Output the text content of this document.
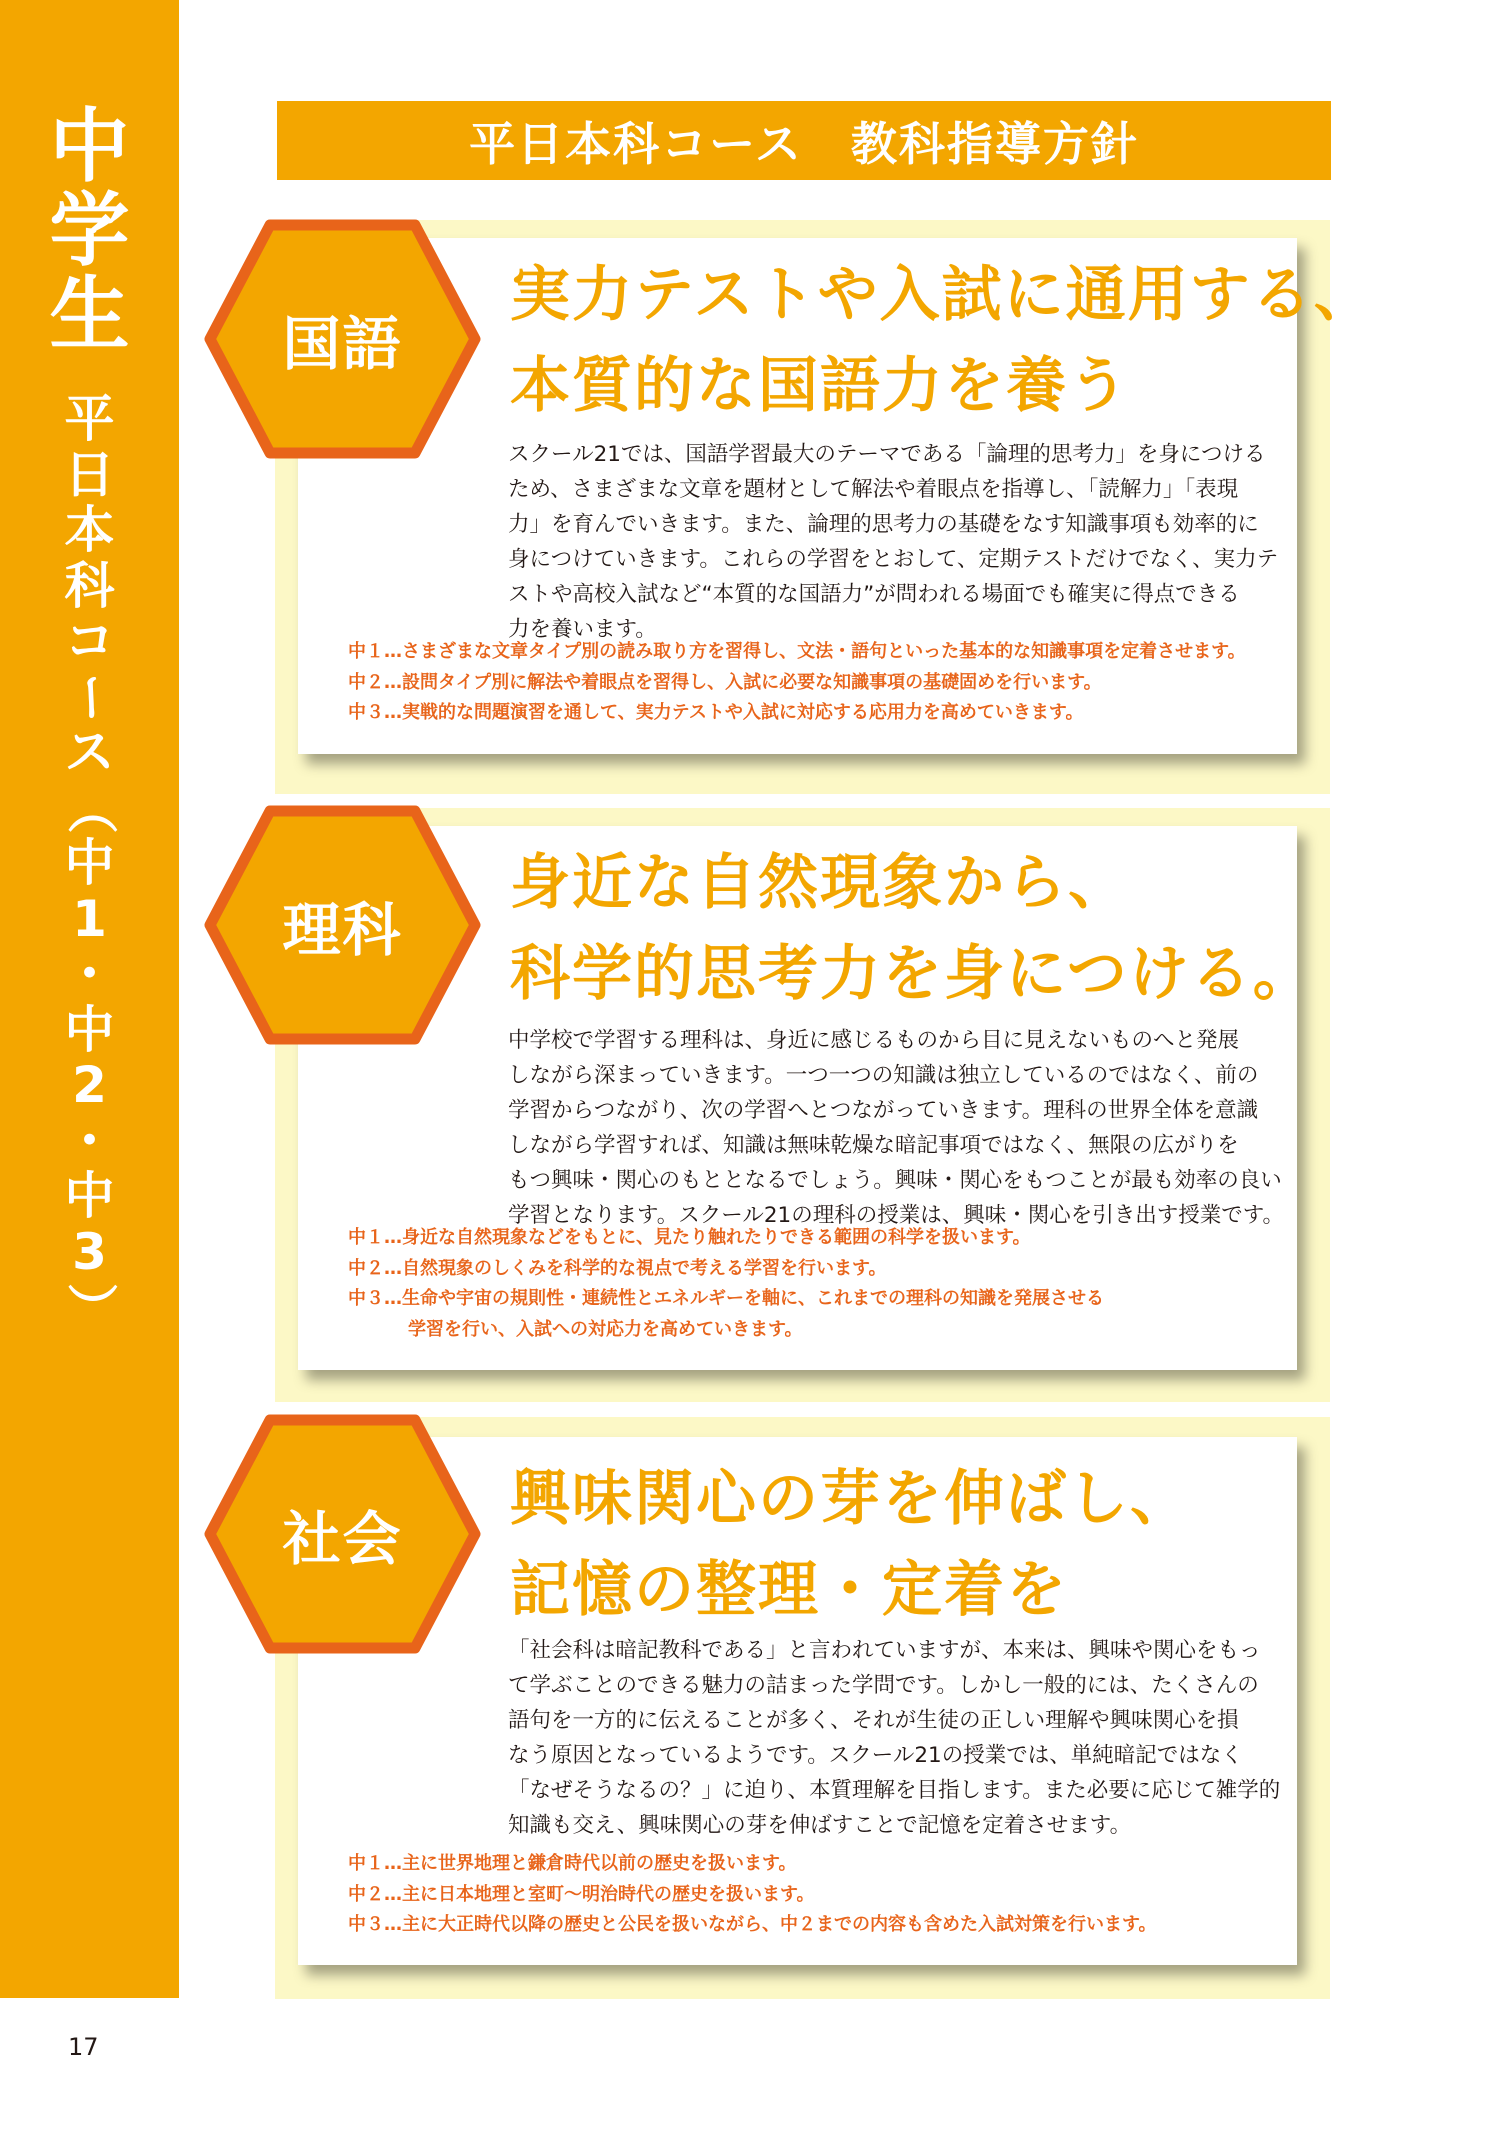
中
学
生
平
日
本
科
コ
ー
ス
（
中
1
・
中
2
・
中
3
）
平日本科コース　教科指導方針
国語
実力テストや入試に通用する、
本質的な国語力を養う
スクール21では、国語学習最大のテーマである「論理的思考力」を身につける
ため、さまざまな文章を題材として解法や着眼点を指導し、「読解力」「表現
力」を育んでいきます。また、論理的思考力の基礎をなす知識事項も効率的に
身につけていきます。これらの学習をとおして、定期テストだけでなく、実力テ
ストや高校入試など“本質的な国語力”が問われる場面でも確実に得点できる
力を養います。
中１…さまざまな文章タイプ別の読み取り方を習得し、文法・語句といった基本的な知識事項を定着させます。
中２…設問タイプ別に解法や着眼点を習得し、入試に必要な知識事項の基礎固めを行います。
中３…実戦的な問題演習を通して、実力テストや入試に対応する応用力を高めていきます。
理科
身近な自然現象から、
科学的思考力を身につける。
中学校で学習する理科は、身近に感じるものから目に見えないものへと発展
しながら深まっていきます。一つ一つの知識は独立しているのではなく、前の
学習からつながり、次の学習へとつながっていきます。理科の世界全体を意識
しながら学習すれば、知識は無味乾燥な暗記事項ではなく、無限の広がりを
もつ興味・関心のもととなるでしょう。興味・関心をもつことが最も効率の良い
学習となります。スクール21の理科の授業は、興味・関心を引き出す授業です。
中１…身近な自然現象などをもとに、見たり触れたりできる範囲の科学を扱います。
中２…自然現象のしくみを科学的な視点で考える学習を行います。
中３…生命や宇宙の規則性・連続性とエネルギーを軸に、これまでの理科の知識を発展させる
学習を行い、入試への対応力を高めていきます。
社会
興味関心の芽を伸ばし、
記憶の整理・定着を
「社会科は暗記教科である」と言われていますが、本来は、興味や関心をもっ
て学ぶことのできる魅力の詰まった学問です。しかし一般的には、たくさんの
語句を一方的に伝えることが多く、それが生徒の正しい理解や興味関心を損
なう原因となっているようです。スクール21の授業では、単純暗記ではなく
「なぜそうなるの？」に迫り、本質理解を目指します。また必要に応じて雑学的
知識も交え、興味関心の芽を伸ばすことで記憶を定着させます。
中１…主に世界地理と鎌倉時代以前の歴史を扱います。
中２…主に日本地理と室町〜明治時代の歴史を扱います。
中３…主に大正時代以降の歴史と公民を扱いながら、中２までの内容も含めた入試対策を行います。
17
